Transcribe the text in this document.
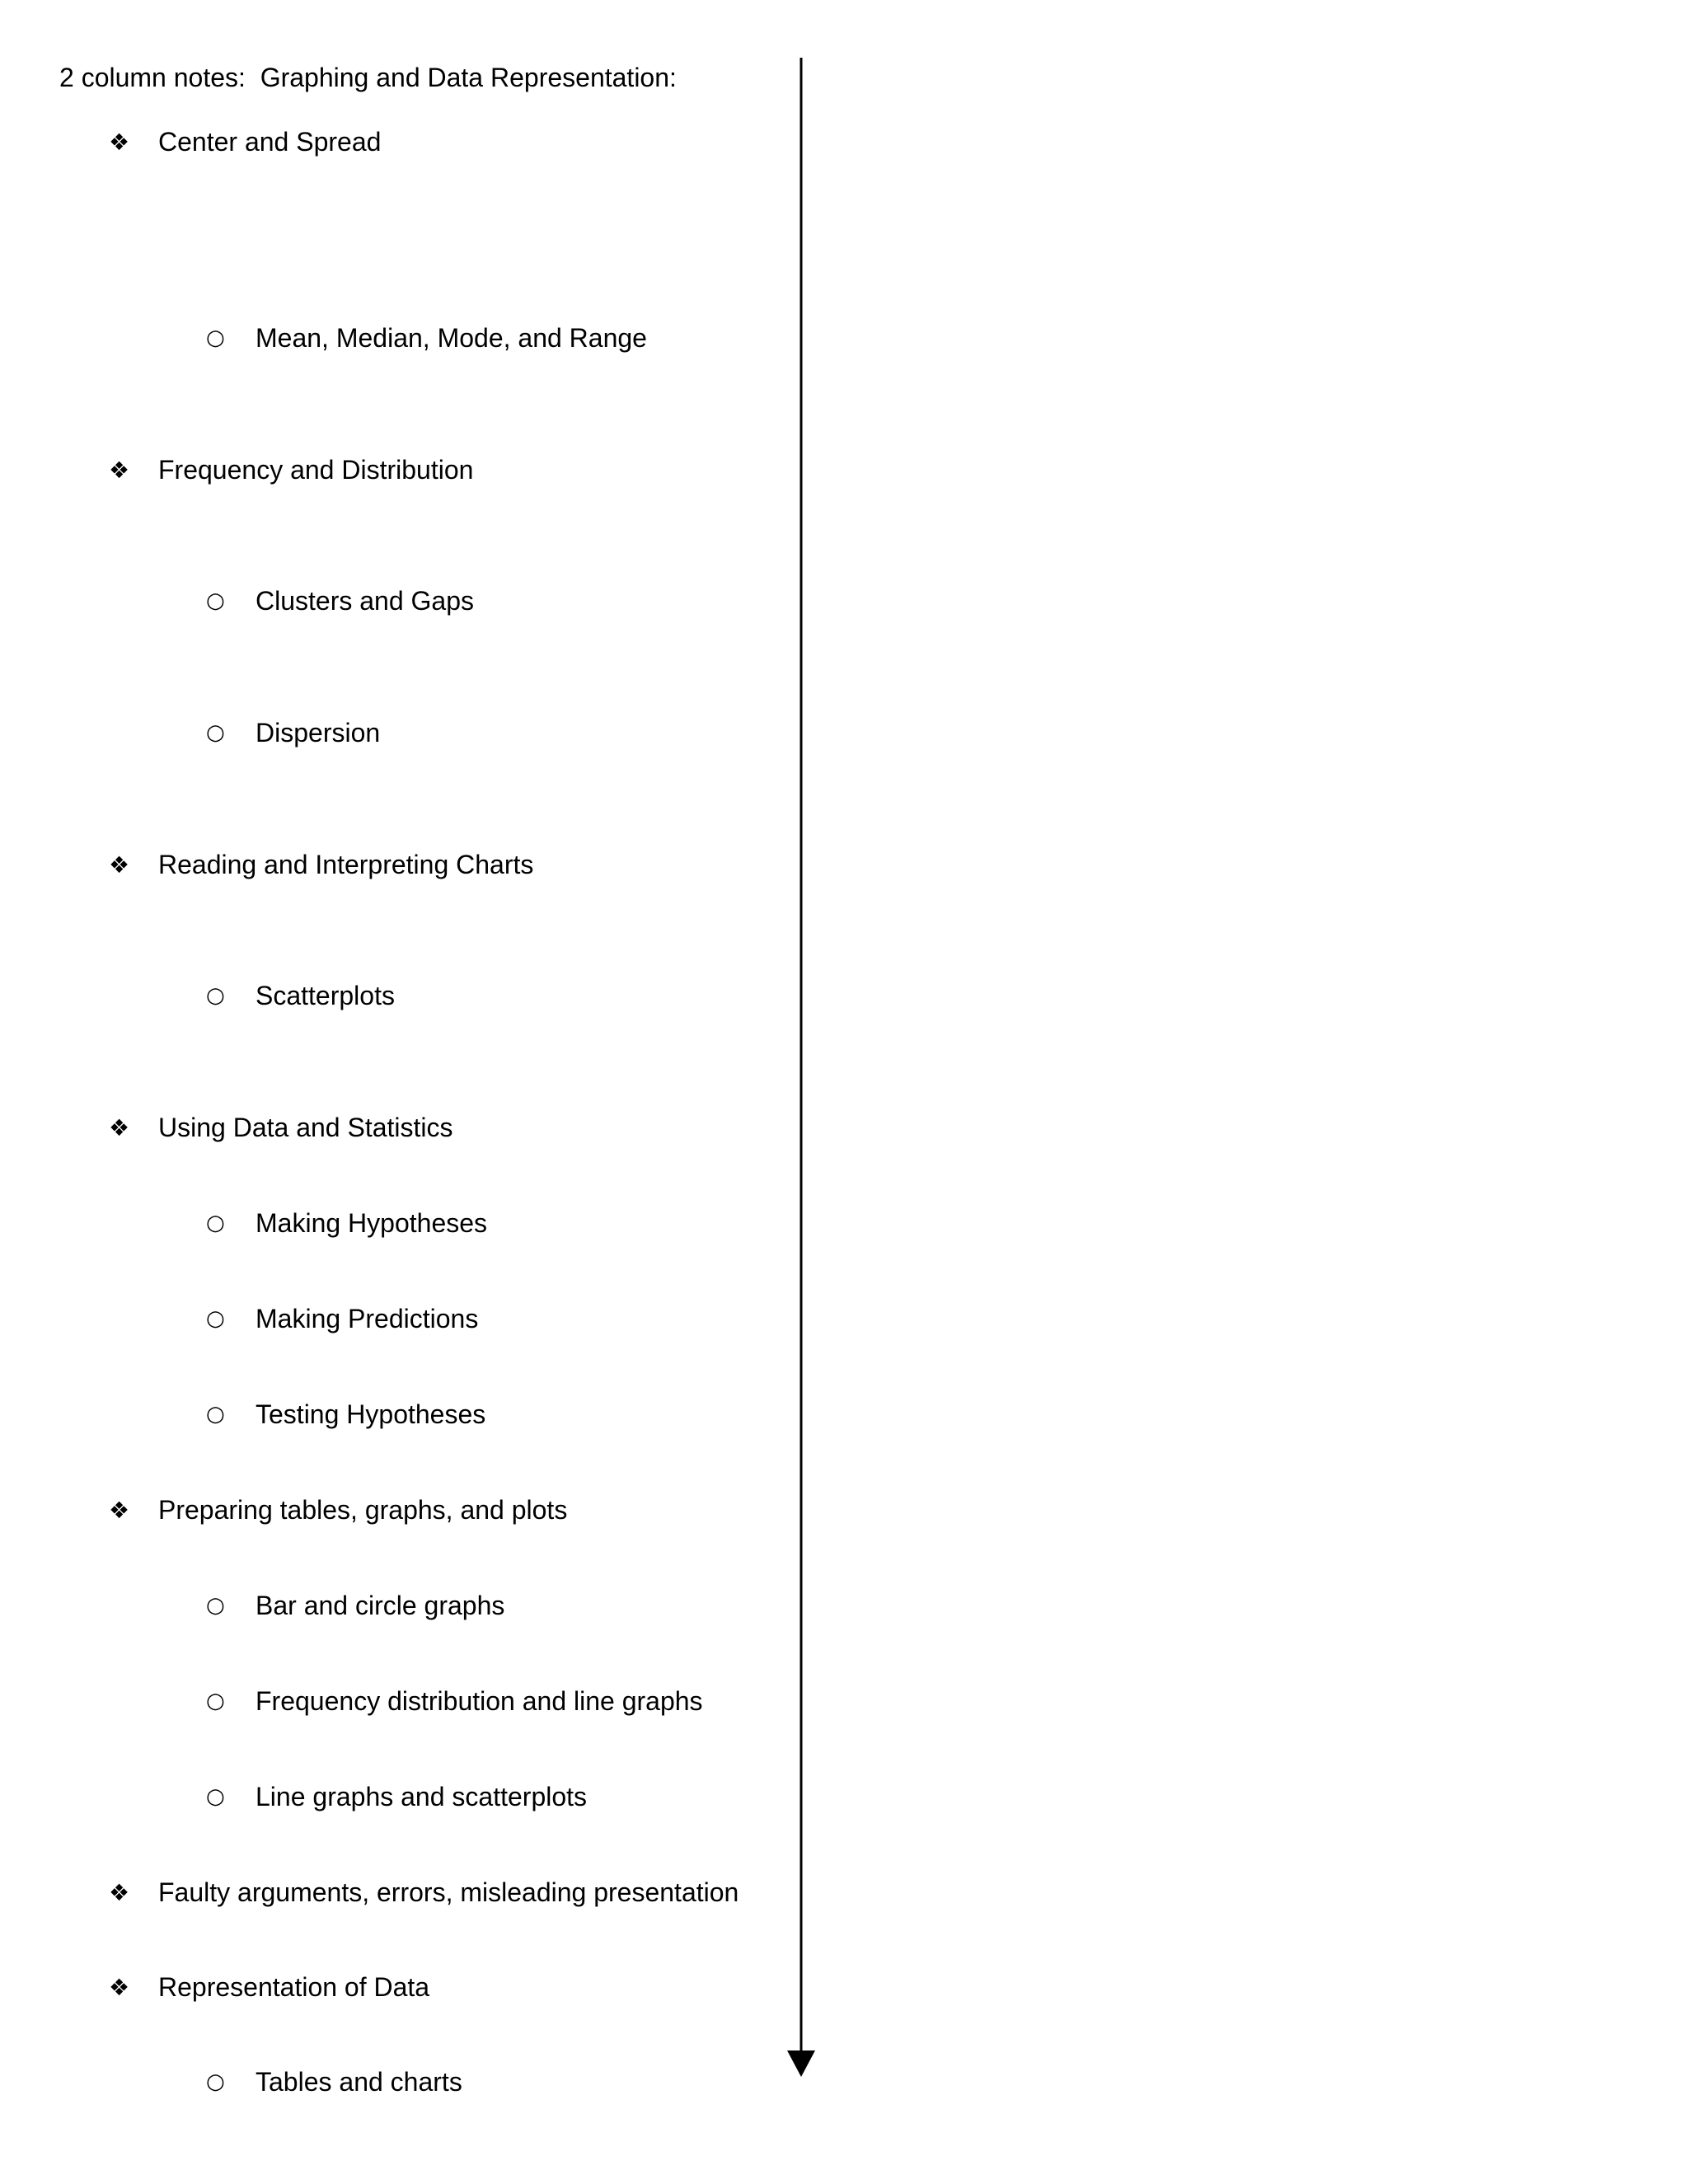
2 column notes:  Graphing and Data Representation:
❖	Center and Spread
○	Mean, Median, Mode, and Range
❖	Frequency and Distribution
○	Clusters and Gaps
○	Dispersion
❖	Reading and Interpreting Charts
○	Scatterplots
❖	Using Data and Statistics
○	Making Hypotheses
○	Making Predictions
○	Testing Hypotheses
❖	Preparing tables, graphs, and plots
○	Bar and circle graphs
○	Frequency distribution and line graphs
○	Line graphs and scatterplots
❖	Faulty arguments, errors, misleading presentation
❖	Representation of Data
○	Tables and charts
